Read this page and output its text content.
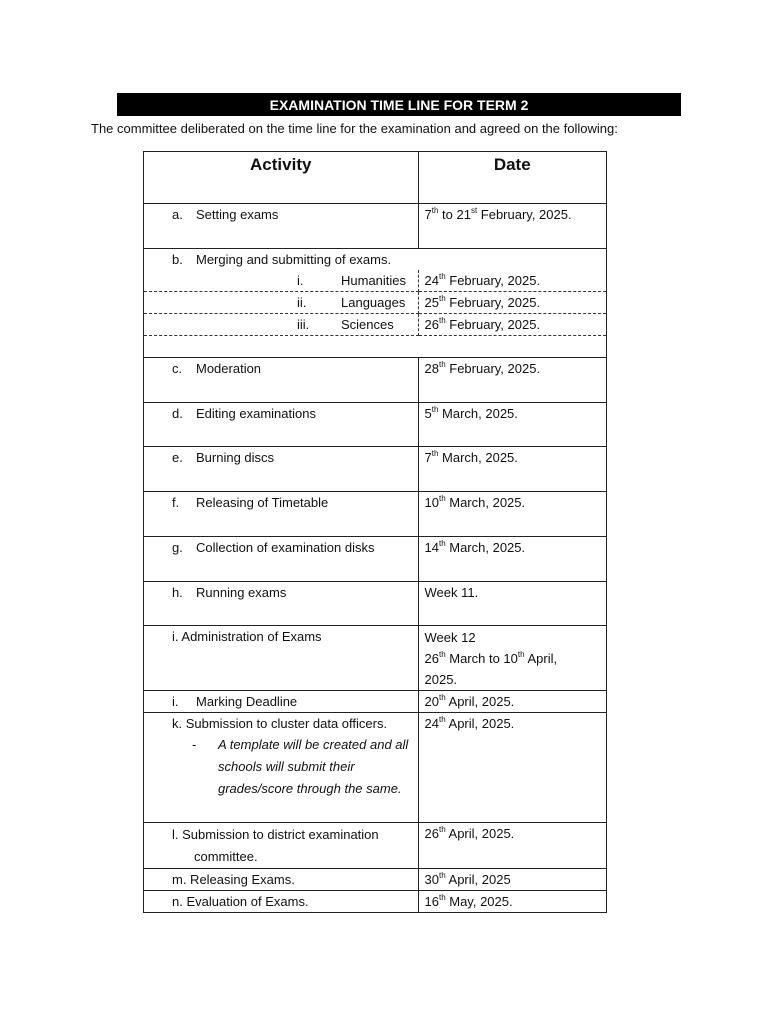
EXAMINATION TIME LINE FOR TERM 2
The committee deliberated on the time line for the examination and agreed on the following:
Activity	Date
a. Setting exams	7th to 21st February, 2025.
b. Merging and submitting of exams.	

i. Humanities	24th February, 2025.

ii. Languages	25th February, 2025.

iii. Sciences	26th February, 2025.

c. Moderation	28th February, 2025.
d. Editing examinations	5th March, 2025.
e. Burning discs	7th March, 2025.
f. Releasing of Timetable	10th March, 2025.
g. Collection of examination disks	14th March, 2025.
h. Running exams	Week 11.
i. Administration of Exams	Week 12
26th March to 10th April,
2025.

i. Marking Deadline	20th April, 2025.

k. Submission to cluster data officers.
- A template will be created and all schools will submit their grades/score through the same.	24th April, 2025.

l. Submission to district examination
committee.	26th April, 2025.
m. Releasing Exams.	30th April, 2025
n. Evaluation of Exams.	16th May, 2025.
